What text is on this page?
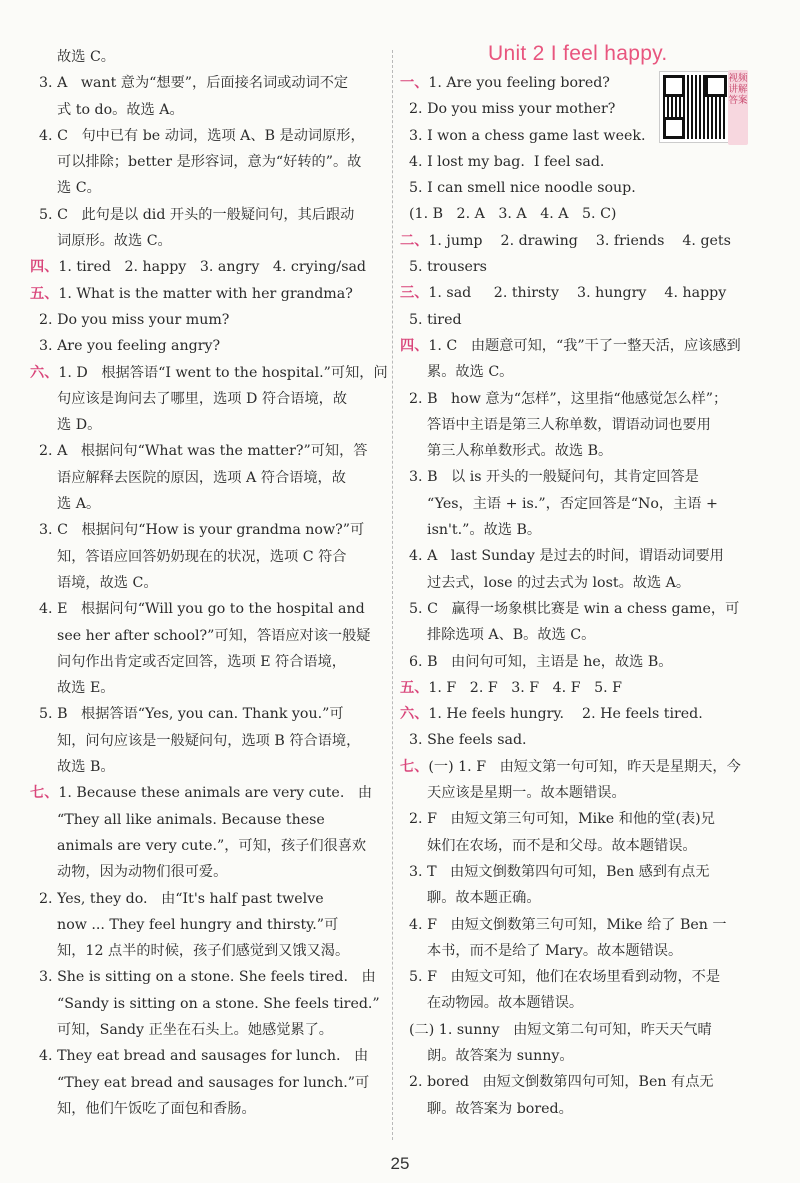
Unit 2 I feel happy.
视频讲解答案
故选 C。
3. A   want 意为“想要”，后面接名词或动词不定
式 to do。故选 A。
4. C   句中已有 be 动词，选项 A、B 是动词原形，
可以排除；better 是形容词，意为“好转的”。故
选 C。
5. C   此句是以 did 开头的一般疑问句，其后跟动
词原形。故选 C。
四、1. tired   2. happy   3. angry   4. crying/sad
五、1. What is the matter with her grandma?
2. Do you miss your mum?
3. Are you feeling angry?
六、1. D   根据答语“I went to the hospital.”可知，问
句应该是询问去了哪里，选项 D 符合语境，故
选 D。
2. A   根据问句“What was the matter?”可知，答
语应解释去医院的原因，选项 A 符合语境，故
选 A。
3. C   根据问句“How is your grandma now?”可
知，答语应回答奶奶现在的状况，选项 C 符合
语境，故选 C。
4. E   根据问句“Will you go to the hospital and
see her after school?”可知，答语应对该一般疑
问句作出肯定或否定回答，选项 E 符合语境，
故选 E。
5. B   根据答语“Yes, you can. Thank you.”可
知，问句应该是一般疑问句，选项 B 符合语境，
故选 B。
七、1. Because these animals are very cute.   由
“They all like animals. Because these
animals are very cute.”，可知，孩子们很喜欢
动物，因为动物们很可爱。
2. Yes, they do.   由“It's half past twelve
now ... They feel hungry and thirsty.”可
知，12 点半的时候，孩子们感觉到又饿又渴。
3. She is sitting on a stone. She feels tired.   由
“Sandy is sitting on a stone. She feels tired.”
可知，Sandy 正坐在石头上。她感觉累了。
4. They eat bread and sausages for lunch.   由
“They eat bread and sausages for lunch.”可
知，他们午饭吃了面包和香肠。
一、1. Are you feeling bored?
2. Do you miss your mother?
3. I won a chess game last week.
4. I lost my bag.  I feel sad.
5. I can smell nice noodle soup.
(1. B   2. A   3. A   4. A   5. C)
二、1. jump    2. drawing    3. friends    4. gets
5. trousers
三、1. sad     2. thirsty    3. hungry    4. happy
5. tired
四、1. C   由题意可知，“我”干了一整天活，应该感到
累。故选 C。
2. B   how 意为“怎样”，这里指“他感觉怎么样”；
答语中主语是第三人称单数，谓语动词也要用
第三人称单数形式。故选 B。
3. B   以 is 开头的一般疑问句，其肯定回答是
“Yes，主语 + is.”，否定回答是“No，主语 +
isn't.”。故选 B。
4. A   last Sunday 是过去的时间，谓语动词要用
过去式，lose 的过去式为 lost。故选 A。
5. C   赢得一场象棋比赛是 win a chess game，可
排除选项 A、B。故选 C。
6. B   由问句可知，主语是 he，故选 B。
五、1. F   2. F   3. F   4. F   5. F
六、1. He feels hungry.    2. He feels tired.
3. She feels sad.
七、(一) 1. F   由短文第一句可知，昨天是星期天，今
天应该是星期一。故本题错误。
2. F   由短文第三句可知，Mike 和他的堂(表)兄
妹们在农场，而不是和父母。故本题错误。
3. T   由短文倒数第四句可知，Ben 感到有点无
聊。故本题正确。
4. F   由短文倒数第三句可知，Mike 给了 Ben 一
本书，而不是给了 Mary。故本题错误。
5. F   由短文可知，他们在农场里看到动物，不是
在动物园。故本题错误。
(二) 1. sunny   由短文第二句可知，昨天天气晴
朗。故答案为 sunny。
2. bored   由短文倒数第四句可知，Ben 有点无
聊。故答案为 bored。
25
